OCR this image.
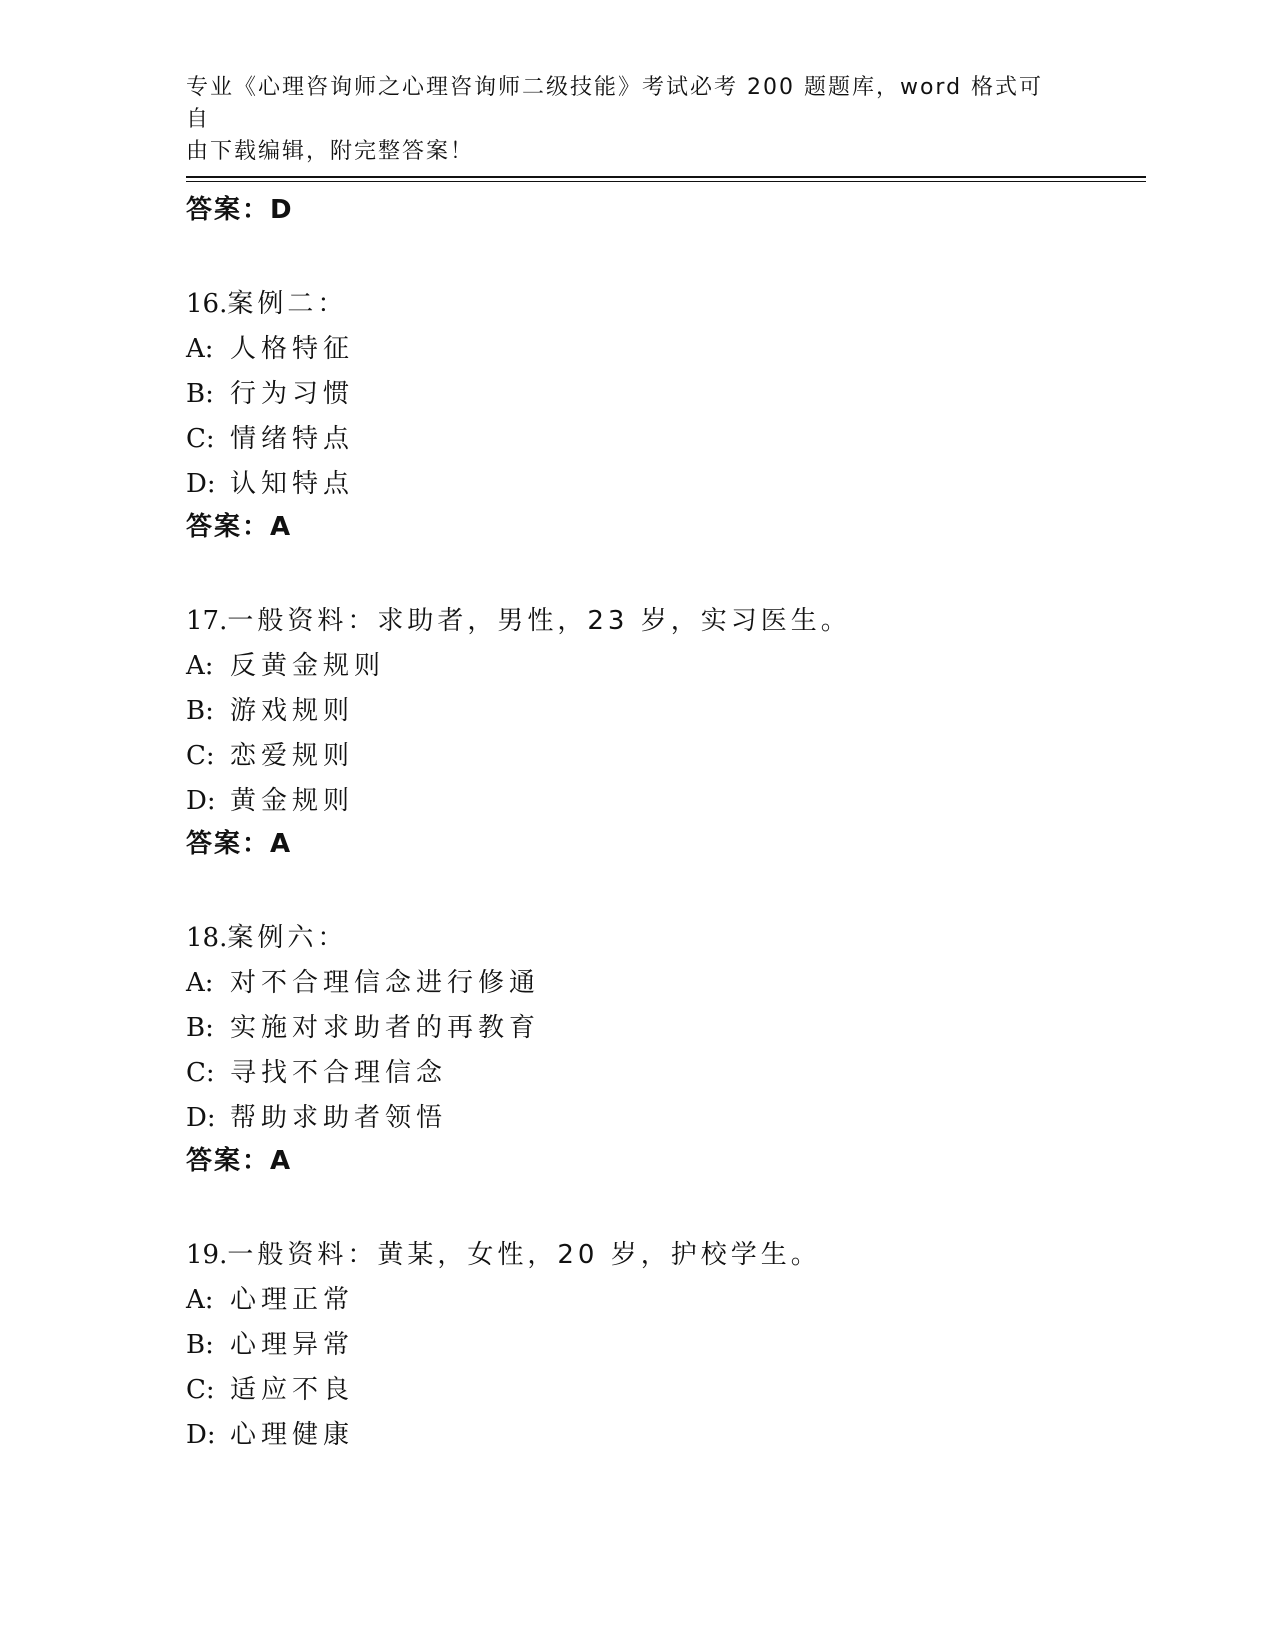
专业《心理咨询师之心理咨询师二级技能》考试必考 200 题题库，word 格式可自
由下载编辑，附完整答案！

答案：D

16.案例二：

A: 人格特征

B: 行为习惯

C: 情绪特点

D: 认知特点

答案：A

17.一般资料：求助者，男性，23 岁，实习医生。

A: 反黄金规则

B: 游戏规则

C: 恋爱规则

D: 黄金规则

答案：A

18.案例六：

A: 对不合理信念进行修通

B: 实施对求助者的再教育

C: 寻找不合理信念

D: 帮助求助者领悟

答案：A

19.一般资料：黄某，女性，20 岁，护校学生。

A: 心理正常

B: 心理异常

C: 适应不良

D: 心理健康
